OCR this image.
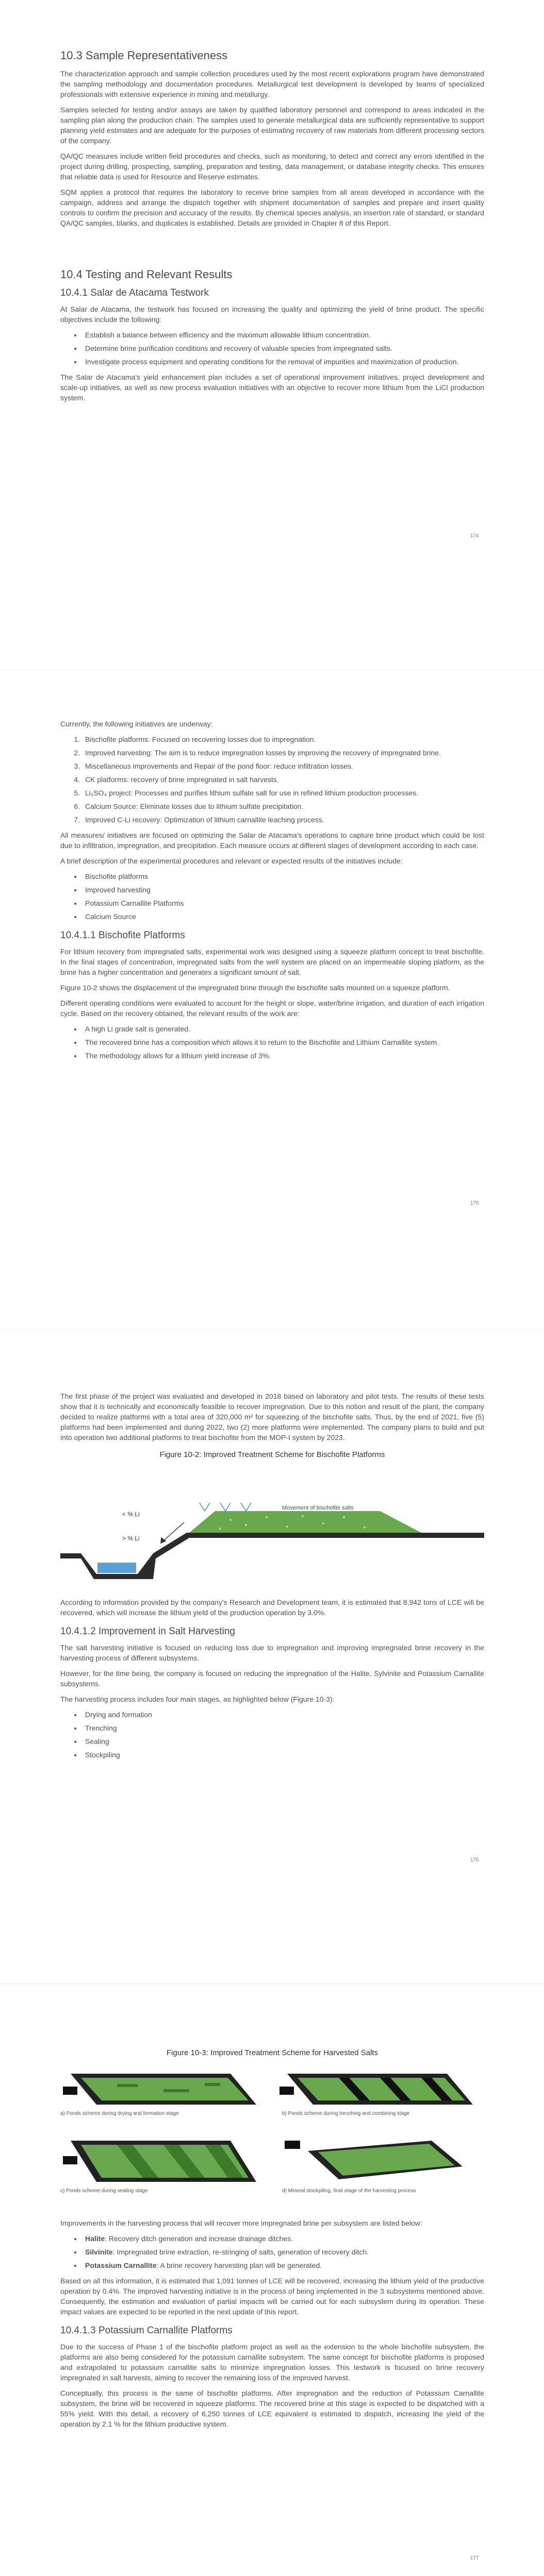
10.3 Sample Representativeness

The characterization approach and sample collection procedures used by the most recent explorations program have demonstrated the sampling methodology and documentation procedures. Metallurgical test development is developed by teams of specialized professionals with extensive experience in mining and metallurgy.

Samples selected for testing and/or assays are taken by qualified laboratory personnel and correspond to areas indicated in the sampling plan along the production chain. The samples used to generate metallurgical data are sufficiently representative to support planning yield estimates and are adequate for the purposes of estimating recovery of raw materials from different processing sectors of the company.

QA/QC measures include written field procedures and checks, such as monitoring, to detect and correct any errors identified in the project during drilling, prospecting, sampling, preparation and testing, data management, or database integrity checks. This ensures that reliable data is used for Resource and Reserve estimates.

SQM applies a protocol that requires the laboratory to receive brine samples from all areas developed in accordance with the campaign, address and arrange the dispatch together with shipment documentation of samples and prepare and insert quality controls to confirm the precision and accuracy of the results. By chemical species analysis, an insertion rate of standard, or standard QA/QC samples, blanks, and duplicates is established. Details are provided in Chapter 8 of this Report.

10.4 Testing and Relevant Results
10.4.1 Salar de Atacama Testwork

At Salar de Atacama, the testwork has focused on increasing the quality and optimizing the yield of brine product. The specific objectives include the following:

• Establish a balance between efficiency and the maximum allowable lithium concentration.
• Determine brine purification conditions and recovery of valuable species from impregnated salts.
• Investigate process equipment and operating conditions for the removal of impurities and maximization of production.

The Salar de Atacama's yield enhancement plan includes a set of operational improvement initiatives, project development and scale-up initiatives, as well as new process evaluation initiatives with an objective to recover more lithium from the LiCl production system.

174

Currently, the following initiatives are underway:

1. Bischofite platforms: Focused on recovering losses due to impregnation.
2. Improved harvesting: The aim is to reduce impregnation losses by improving the recovery of impregnated brine.
3. Miscellaneous improvements and Repair of the pond floor: reduce infiltration losses.
4. CK platforms: recovery of brine impregnated in salt harvests.
5. Li₂SO₄ project: Processes and purifies lithium sulfate salt for use in refined lithium production processes.
6. Calcium Source: Eliminate losses due to lithium sulfate precipitation.
7. Improved C-Li recovery: Optimization of lithium carnallite leaching process.

All measures/ initiatives are focused on optimizing the Salar de Atacama's operations to capture brine product which could be lost due to infiltration, impregnation, and precipitation. Each measure occurs at different stages of development according to each case.

A brief description of the experimental procedures and relevant or expected results of the initiatives include:

• Bischofite platforms
• Improved harvesting
• Potassium Carnallite Platforms
• Calcium Source
10.4.1.1 Bischofite Platforms

For lithium recovery from impregnated salts, experimental work was designed using a squeeze platform concept to treat bischofite. In the final stages of concentration, impregnated salts from the well system are placed on an impermeable sloping platform, as the brine has a higher concentration and generates a significant amount of salt.

Figure 10-2 shows the displacement of the impregnated brine through the bischofite salts mounted on a squeeze platform.

Different operating conditions were evaluated to account for the height or slope, water/brine irrigation, and duration of each irrigation cycle. Based on the recovery obtained, the relevant results of the work are:

• A high Li grade salt is generated.
• The recovered brine has a composition which allows it to return to the Bischofite and Lithium Carnallite system.
• The methodology allows for a lithium yield increase of 3%.
175

The first phase of the project was evaluated and developed in 2018 based on laboratory and pilot tests. The results of these tests show that it is technically and economically feasible to recover impregnation. Due to this notion and result of the plant, the company decided to realize platforms with a total area of 320,000 m² for squeezing of the bischofite salts. Thus, by the end of 2021, five (5) platforms had been implemented and during 2022, two (2) more platforms were implemented. The company plans to build and put into operation two additional platforms to treat bischofite from the MOP-I system by 2023.

Figure 10-2: Improved Treatment Scheme for Bischofite Platforms

< % Li
> % Li
Movement of bischofite salts

According to information provided by the company's Research and Development team, it is estimated that 8,942 tons of LCE will be recovered, which will increase the lithium yield of the production operation by 3.0%.

10.4.1.2 Improvement in Salt Harvesting

The salt harvesting initiative is focused on reducing loss due to impregnation and improving impregnated brine recovery in the harvesting process of different subsystems.

However, for the time being, the company is focused on reducing the impregnation of the Halite, Sylvinite and Potassium Carnallite subsystems.

The harvesting process includes four main stages, as highlighted below (Figure 10-3):

• Drying and formation
• Trenching
• Sealing
• Stockpiling
176

Figure 10-3: Improved Treatment Scheme for Harvested Salts

a) Ponds scheme during drying and formation stage	b) Ponds scheme during trenching and combining stage
c) Ponds scheme during sealing stage	d) Mineral stockpiling, final stage of the harvesting process

Improvements in the harvesting process that will recover more impregnated brine per subsystem are listed below:

• Halite: Recovery ditch generation and increase drainage ditches.
• Silvinite: Impregnated brine extraction, re-stringing of salts, generation of recovery ditch.
• Potassium Carnallite: A brine recovery harvesting plan will be generated.

Based on all this information, it is estimated that 1,091 tonnes of LCE will be recovered, increasing the lithium yield of the productive operation by 0.4%. The improved harvesting initiative is in the process of being implemented in the 3 subsystems mentioned above. Consequently, the estimation and evaluation of partial impacts will be carried out for each subsystem during its operation. These impact values are expected to be reported in the next update of this report.

10.4.1.3 Potassium Carnallite Platforms

Due to the success of Phase 1 of the bischofite platform project as well as the extension to the whole bischofite subsystem, the platforms are also being considered for the potassium carnallite subsystem. The same concept for bischofite platforms is proposed and extrapolated to potassium carnallite salts to minimize impregnation losses. This testwork is focused on brine recovery impregnated in salt harvests, aiming to recover the remaining loss of the improved harvest.

Conceptually, this process is the same of bischofite platforms. After impregnation and the reduction of Potassium Carnallite subsystem, the brine will be recovered in squeeze platforms. The recovered brine at this stage is expected to be dispatched with a 55% yield. With this detail, a recovery of 6,250 tonnes of LCE equivalent is estimated to dispatch, increasing the yield of the operation by 2.1 % for the lithium productive system.

177
